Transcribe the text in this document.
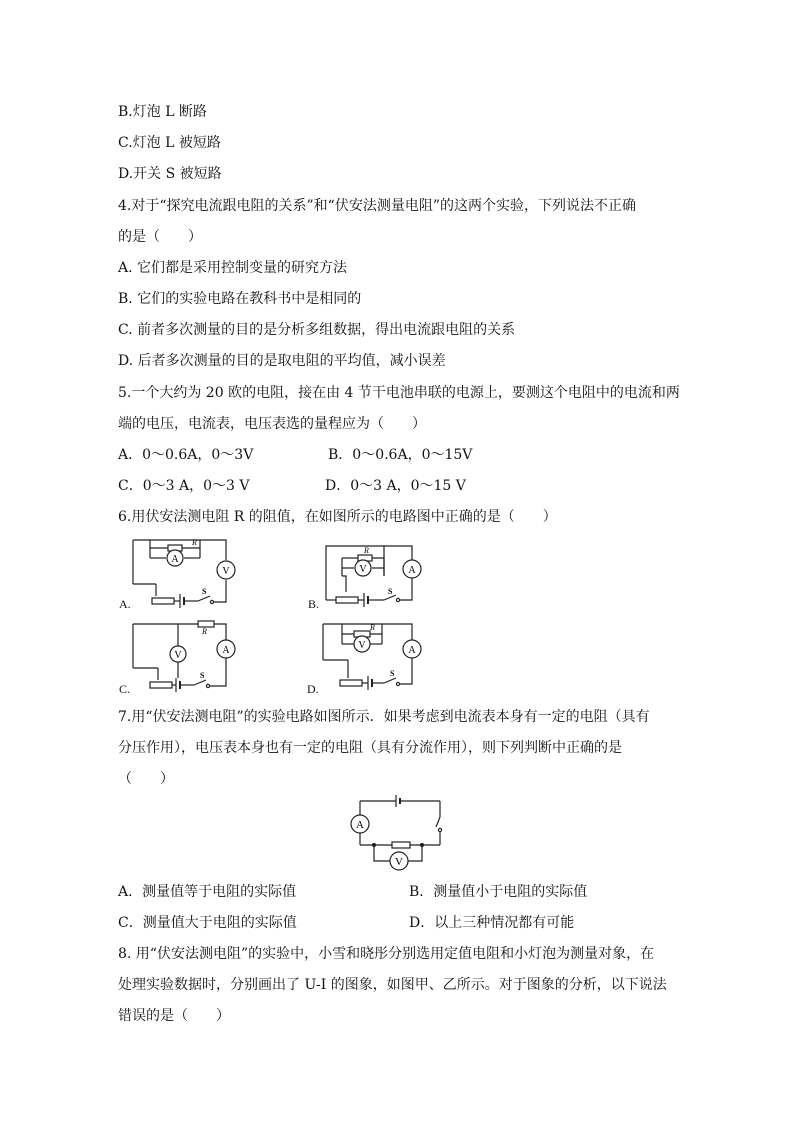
B.灯泡 L 断路
C.灯泡 L 被短路
D.开关 S 被短路
4.对于“探究电流跟电阻的关系”和“伏安法测量电阻”的这两个实验，下列说法不正确
的是（　　）
A. 它们都是采用控制变量的研究方法
B. 它们的实验电路在教科书中是相同的
C. 前者多次测量的目的是分析多组数据，得出电流跟电阻的关系
D. 后者多次测量的目的是取电阻的平均值，减小误差
5.一个大约为 20 欧的电阻，接在由 4 节干电池串联的电源上，要测这个电阻中的电流和两
端的电压，电流表，电压表选的量程应为（　　）
A．0～0.6A，0～3V	B．0～0.6A，0～15V
C．0～3 A，0～3 V	D．0～3 A，0～15 V
6.用伏安法测电阻 R 的阻值，在如图所示的电路图中正确的是（　　）
A.
A
V
R
S
B.
V	A
R
S
C.
V	A
R
S
D.
V	A
R
S
7.用“伏安法测电阻”的实验电路如图所示．如果考虑到电流表本身有一定的电阻（具有
分压作用），电压表本身也有一定的电阻（具有分流作用），则下列判断中正确的是
（　　）
A
V
A．测量值等于电阻的实际值	B．测量值小于电阻的实际值
C．测量值大于电阻的实际值	D．以上三种情况都有可能
8. 用“伏安法测电阻”的实验中，小雪和晓彤分别选用定值电阻和小灯泡为测量对象，在
处理实验数据时，分别画出了 U-I 的图象，如图甲、乙所示。对于图象的分析，以下说法
错误的是（　　）
